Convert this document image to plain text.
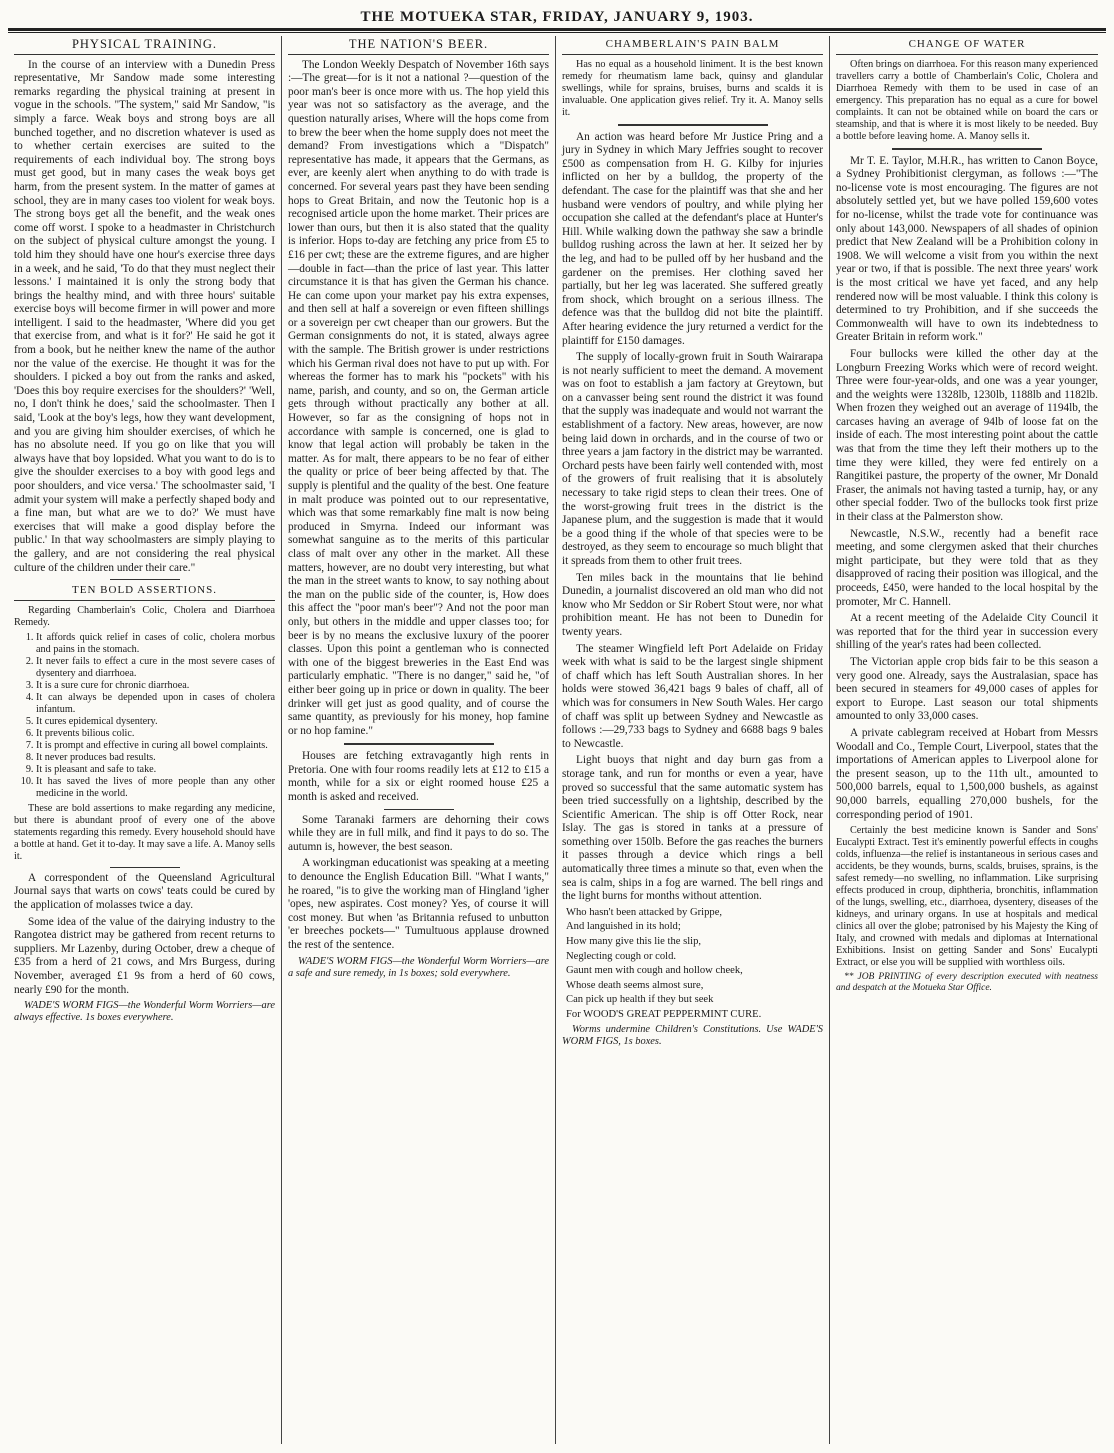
THE MOTUEKA STAR, FRIDAY, JANUARY 9, 1903.
PHYSICAL TRAINING.

In the course of an interview with a Dunedin Press representative, Mr Sandow made some interesting remarks regarding the physical training at present in vogue in the schools. "The system," said Mr Sandow, "is simply a farce. Weak boys and strong boys are all bunched together, and no discretion whatever is used as to whether certain exercises are suited to the requirements of each individual boy. The strong boys must get good, but in many cases the weak boys get harm, from the present system. In the matter of games at school, they are in many cases too violent for weak boys. The strong boys get all the benefit, and the weak ones come off worst. I spoke to a headmaster in Christchurch on the subject of physical culture amongst the young. I told him they should have one hour's exercise three days in a week, and he said, 'To do that they must neglect their lessons.' I maintained it is only the strong body that brings the healthy mind, and with three hours' suitable exercise boys will become firmer in will power and more intelligent. I said to the headmaster, 'Where did you get that exercise from, and what is it for?' He said he got it from a book, but he neither knew the name of the author nor the value of the exercise. He thought it was for the shoulders. I picked a boy out from the ranks and asked, 'Does this boy require exercises for the shoulders?' 'Well, no, I don't think he does,' said the schoolmaster. Then I said, 'Look at the boy's legs, how they want development, and you are giving him shoulder exercises, of which he has no absolute need. If you go on like that you will always have that boy lopsided. What you want to do is to give the shoulder exercises to a boy with good legs and poor shoulders, and vice versa.' The schoolmaster said, 'I admit your system will make a perfectly shaped body and a fine man, but what are we to do?' We must have exercises that will make a good display before the public.' In that way schoolmasters are simply playing to the gallery, and are not considering the real physical culture of the children under their care."

TEN BOLD ASSERTIONS.

Regarding Chamberlain's Colic, Cholera and Diarrhoea Remedy.

1. It affords quick relief in cases of colic, cholera morbus and pains in the stomach.
2. It never fails to effect a cure in the most severe cases of dysentery and diarrhoea.
3. It is a sure cure for chronic diarrhoea.
4. It can always be depended upon in cases of cholera infantum.
5. It cures epidemical dysentery.
6. It prevents bilious colic.
7. It is prompt and effective in curing all bowel complaints.
8. It never produces bad results.
9. It is pleasant and safe to take.
10. It has saved the lives of more people than any other medicine in the world.

These are bold assertions to make regarding any medicine, but there is abundant proof of every one of the above statements regarding this remedy. Every household should have a bottle at hand. Get it to-day. It may save a life. A. Manoy sells it.

A correspondent of the Queensland Agricultural Journal says that warts on cows' teats could be cured by the application of molasses twice a day.

Some idea of the value of the dairying industry to the Rangotea district may be gathered from recent returns to suppliers. Mr Lazenby, during October, drew a cheque of £35 from a herd of 21 cows, and Mrs Burgess, during November, averaged £1 9s from a herd of 60 cows, nearly £90 for the month.

WADE'S WORM FIGS—the Wonderful Worm Worriers—are always effective. 1s boxes everywhere.

THE NATION'S BEER.

The London Weekly Despatch of November 16th says :—The great—for is it not a national ?—question of the poor man's beer is once more with us. The hop yield this year was not so satisfactory as the average, and the question naturally arises, Where will the hops come from to brew the beer when the home supply does not meet the demand? From investigations which a "Dispatch" representative has made, it appears that the Germans, as ever, are keenly alert when anything to do with trade is concerned. For several years past they have been sending hops to Great Britain, and now the Teutonic hop is a recognised article upon the home market. Their prices are lower than ours, but then it is also stated that the quality is inferior. Hops to-day are fetching any price from £5 to £16 per cwt; these are the extreme figures, and are higher—double in fact—than the price of last year. This latter circumstance it is that has given the German his chance. He can come upon your market pay his extra expenses, and then sell at half a sovereign or even fifteen shillings or a sovereign per cwt cheaper than our growers. But the German consignments do not, it is stated, always agree with the sample. The British grower is under restrictions which his German rival does not have to put up with. For whereas the former has to mark his "pockets" with his name, parish, and county, and so on, the German article gets through without practically any bother at all. However, so far as the consigning of hops not in accordance with sample is concerned, one is glad to know that legal action will probably be taken in the matter. As for malt, there appears to be no fear of either the quality or price of beer being affected by that. The supply is plentiful and the quality of the best. One feature in malt produce was pointed out to our representative, which was that some remarkably fine malt is now being produced in Smyrna. Indeed our informant was somewhat sanguine as to the merits of this particular class of malt over any other in the market. All these matters, however, are no doubt very interesting, but what the man in the street wants to know, to say nothing about the man on the public side of the counter, is, How does this affect the "poor man's beer"? And not the poor man only, but others in the middle and upper classes too; for beer is by no means the exclusive luxury of the poorer classes. Upon this point a gentleman who is connected with one of the biggest breweries in the East End was particularly emphatic. "There is no danger," said he, "of either beer going up in price or down in quality. The beer drinker will get just as good quality, and of course the same quantity, as previously for his money, hop famine or no hop famine."

Houses are fetching extravagantly high rents in Pretoria. One with four rooms readily lets at £12 to £15 a month, while for a six or eight roomed house £25 a month is asked and received.

Some Taranaki farmers are dehorning their cows while they are in full milk, and find it pays to do so. The autumn is, however, the best season.

A workingman educationist was speaking at a meeting to denounce the English Education Bill. "What I wants," he roared, "is to give the working man of Hingland 'igher 'opes, new aspirates. Cost money? Yes, of course it will cost money. But when 'as Britannia refused to unbutton 'er breeches pockets—" Tumultuous applause drowned the rest of the sentence.

WADE'S WORM FIGS—the Wonderful Worm Worriers—are a safe and sure remedy, in 1s boxes; sold everywhere.

CHAMBERLAIN'S PAIN BALM

Has no equal as a household liniment. It is the best known remedy for rheumatism lame back, quinsy and glandular swellings, while for sprains, bruises, burns and scalds it is invaluable. One application gives relief. Try it. A. Manoy sells it.

An action was heard before Mr Justice Pring and a jury in Sydney in which Mary Jeffries sought to recover £500 as compensation from H. G. Kilby for injuries inflicted on her by a bulldog, the property of the defendant. The case for the plaintiff was that she and her husband were vendors of poultry, and while plying her occupation she called at the defendant's place at Hunter's Hill. While walking down the pathway she saw a brindle bulldog rushing across the lawn at her. It seized her by the leg, and had to be pulled off by her husband and the gardener on the premises. Her clothing saved her partially, but her leg was lacerated. She suffered greatly from shock, which brought on a serious illness. The defence was that the bulldog did not bite the plaintiff. After hearing evidence the jury returned a verdict for the plaintiff for £150 damages.

The supply of locally-grown fruit in South Wairarapa is not nearly sufficient to meet the demand. A movement was on foot to establish a jam factory at Greytown, but on a canvasser being sent round the district it was found that the supply was inadequate and would not warrant the establishment of a factory. New areas, however, are now being laid down in orchards, and in the course of two or three years a jam factory in the district may be warranted. Orchard pests have been fairly well contended with, most of the growers of fruit realising that it is absolutely necessary to take rigid steps to clean their trees. One of the worst-growing fruit trees in the district is the Japanese plum, and the suggestion is made that it would be a good thing if the whole of that species were to be destroyed, as they seem to encourage so much blight that it spreads from them to other fruit trees.

Ten miles back in the mountains that lie behind Dunedin, a journalist discovered an old man who did not know who Mr Seddon or Sir Robert Stout were, nor what prohibition meant. He has not been to Dunedin for twenty years.

The steamer Wingfield left Port Adelaide on Friday week with what is said to be the largest single shipment of chaff which has left South Australian shores. In her holds were stowed 36,421 bags 9 bales of chaff, all of which was for consumers in New South Wales. Her cargo of chaff was split up between Sydney and Newcastle as follows :—29,733 bags to Sydney and 6688 bags 9 bales to Newcastle.

Light buoys that night and day burn gas from a storage tank, and run for months or even a year, have proved so successful that the same automatic system has been tried successfully on a lightship, described by the Scientific American. The ship is off Otter Rock, near Islay. The gas is stored in tanks at a pressure of something over 150lb. Before the gas reaches the burners it passes through a device which rings a bell automatically three times a minute so that, even when the sea is calm, ships in a fog are warned. The bell rings and the light burns for months without attention.

Who hasn't been attacked by Grippe,
And languished in its hold;
How many give this lie the slip,
Neglecting cough or cold.
Gaunt men with cough and hollow cheek,
Whose death seems almost sure,
Can pick up health if they but seek
For WOOD'S GREAT PEPPERMINT CURE.

Worms undermine Children's Constitutions. Use WADE'S WORM FIGS, 1s boxes.

CHANGE OF WATER

Often brings on diarrhoea. For this reason many experienced travellers carry a bottle of Chamberlain's Colic, Cholera and Diarrhoea Remedy with them to be used in case of an emergency. This preparation has no equal as a cure for bowel complaints. It can not be obtained while on board the cars or steamship, and that is where it is most likely to be needed. Buy a bottle before leaving home. A. Manoy sells it.

Mr T. E. Taylor, M.H.R., has written to Canon Boyce, a Sydney Prohibitionist clergyman, as follows :—"The no-license vote is most encouraging. The figures are not absolutely settled yet, but we have polled 159,600 votes for no-license, whilst the trade vote for continuance was only about 143,000. Newspapers of all shades of opinion predict that New Zealand will be a Prohibition colony in 1908. We will welcome a visit from you within the next year or two, if that is possible. The next three years' work is the most critical we have yet faced, and any help rendered now will be most valuable. I think this colony is determined to try Prohibition, and if she succeeds the Commonwealth will have to own its indebtedness to Greater Britain in reform work."

Four bullocks were killed the other day at the Longburn Freezing Works which were of record weight. Three were four-year-olds, and one was a year younger, and the weights were 1328lb, 1230lb, 1188lb and 1182lb. When frozen they weighed out an average of 1194lb, the carcases having an average of 94lb of loose fat on the inside of each. The most interesting point about the cattle was that from the time they left their mothers up to the time they were killed, they were fed entirely on a Rangitikei pasture, the property of the owner, Mr Donald Fraser, the animals not having tasted a turnip, hay, or any other special fodder. Two of the bullocks took first prize in their class at the Palmerston show.

Newcastle, N.S.W., recently had a benefit race meeting, and some clergymen asked that their churches might participate, but they were told that as they disapproved of racing their position was illogical, and the proceeds, £450, were handed to the local hospital by the promoter, Mr C. Hannell.

At a recent meeting of the Adelaide City Council it was reported that for the third year in succession every shilling of the year's rates had been collected.

The Victorian apple crop bids fair to be this season a very good one. Already, says the Australasian, space has been secured in steamers for 49,000 cases of apples for export to Europe. Last season our total shipments amounted to only 33,000 cases.

A private cablegram received at Hobart from Messrs Woodall and Co., Temple Court, Liverpool, states that the importations of American apples to Liverpool alone for the present season, up to the 11th ult., amounted to 500,000 barrels, equal to 1,500,000 bushels, as against 90,000 barrels, equalling 270,000 bushels, for the corresponding period of 1901.

Certainly the best medicine known is Sander and Sons' Eucalypti Extract. Test it's eminently powerful effects in coughs colds, influenza—the relief is instantaneous in serious cases and accidents, be they wounds, burns, scalds, bruises, sprains, is the safest remedy—no swelling, no inflammation. Like surprising effects produced in croup, diphtheria, bronchitis, inflammation of the lungs, swelling, etc., diarrhoea, dysentery, diseases of the kidneys, and urinary organs. In use at hospitals and medical clinics all over the globe; patronised by his Majesty the King of Italy, and crowned with medals and diplomas at International Exhibitions. Insist on getting Sander and Sons' Eucalypti Extract, or else you will be supplied with worthless oils.

** JOB PRINTING of every description executed with neatness and despatch at the Motueka Star Office.
